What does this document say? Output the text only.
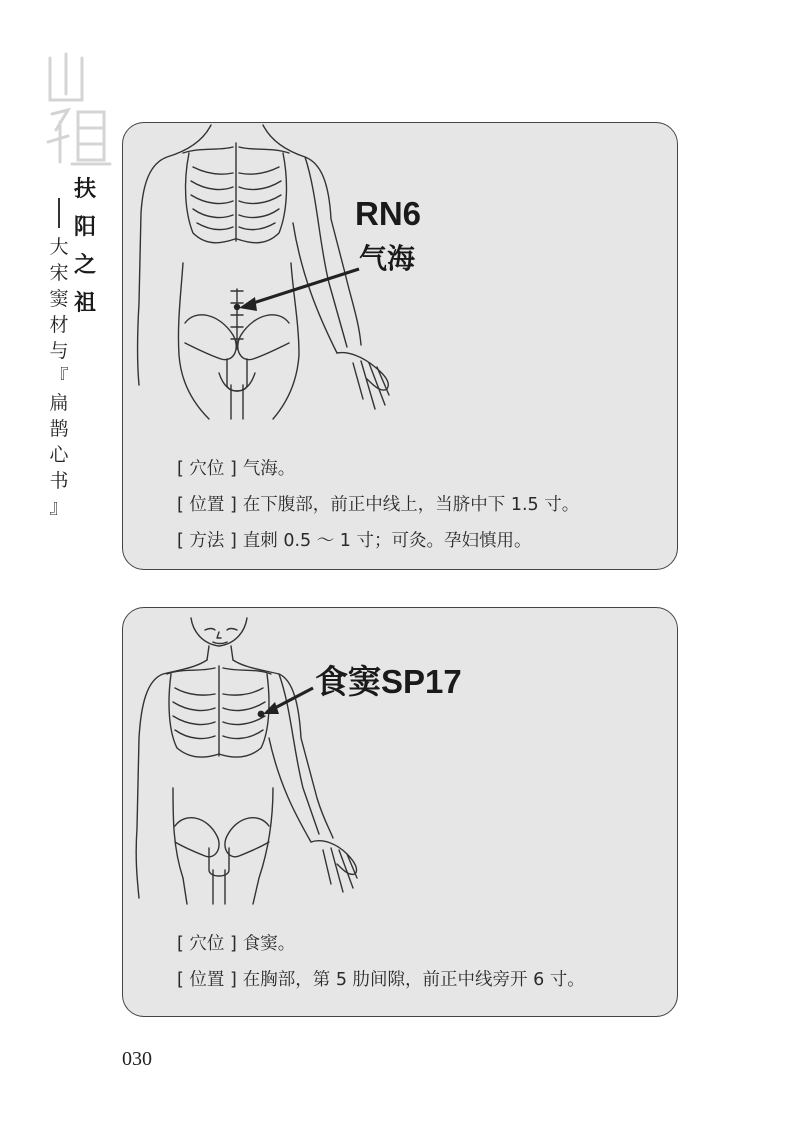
扶
阳
之
祖
大
宋
窦
材
与
『
扁
鹊
心
书
』
RN6
气海
[ 穴位 ] 气海。
[ 位置 ] 在下腹部，前正中线上，当脐中下 1.5 寸。
[ 方法 ] 直刺 0.5 ～ 1 寸；可灸。孕妇慎用。
食窦SP17
[ 穴位 ] 食窦。
[ 位置 ] 在胸部，第 5 肋间隙，前正中线旁开 6 寸。
030
